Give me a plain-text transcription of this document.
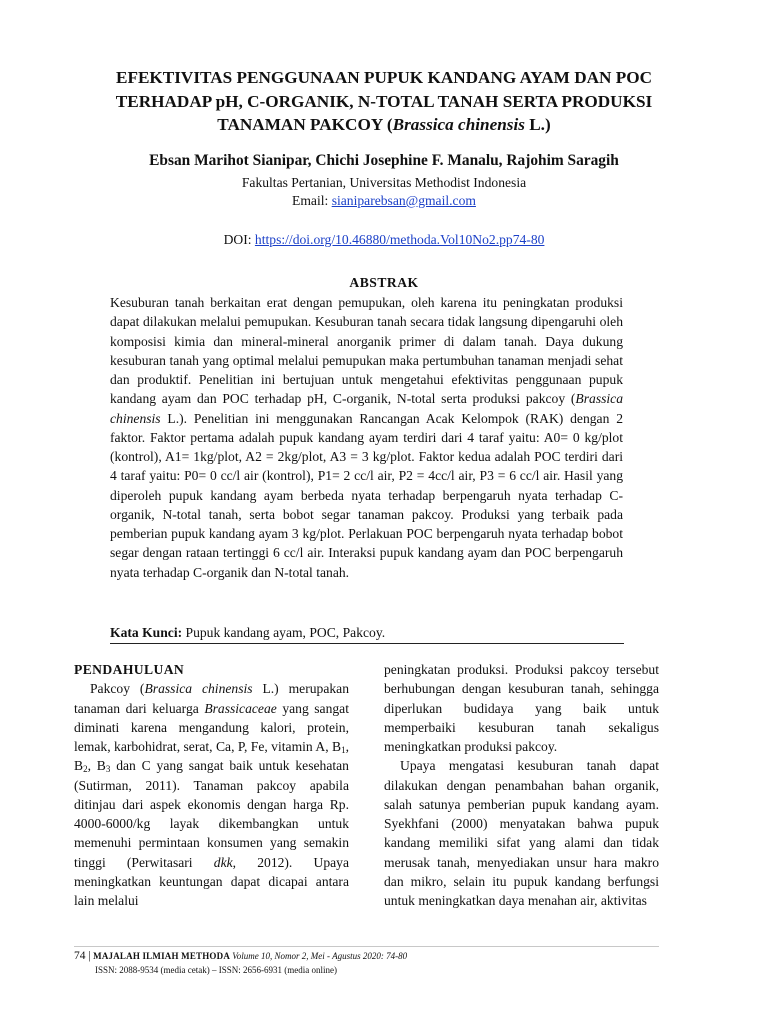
EFEKTIVITAS PENGGUNAAN PUPUK KANDANG AYAM DAN POC
TERHADAP pH, C-ORGANIK, N-TOTAL TANAH SERTA PRODUKSI
TANAMAN PAKCOY (Brassica chinensis L.)
Ebsan Marihot Sianipar, Chichi Josephine F. Manalu, Rajohim Saragih
Fakultas Pertanian, Universitas Methodist Indonesia
Email: sianiparebsan@gmail.com
DOI: https://doi.org/10.46880/methoda.Vol10No2.pp74-80
ABSTRAK
Kesuburan tanah berkaitan erat dengan pemupukan, oleh karena itu peningkatan produksi dapat dilakukan melalui pemupukan. Kesuburan tanah secara tidak langsung dipengaruhi oleh komposisi kimia dan mineral-mineral anorganik primer di dalam tanah. Daya dukung kesuburan tanah yang optimal melalui pemupukan maka pertumbuhan tanaman menjadi sehat dan produktif. Penelitian ini bertujuan untuk mengetahui efektivitas penggunaan pupuk kandang ayam dan POC terhadap pH, C-organik, N-total serta produksi pakcoy (Brassica chinensis L.). Penelitian ini menggunakan Rancangan Acak Kelompok (RAK) dengan 2 faktor. Faktor pertama adalah pupuk kandang ayam terdiri dari 4 taraf yaitu: A0= 0 kg/plot (kontrol), A1= 1kg/plot, A2 = 2kg/plot, A3 = 3 kg/plot. Faktor kedua adalah POC terdiri dari 4 taraf yaitu: P0= 0 cc/l air (kontrol), P1= 2 cc/l air, P2 = 4cc/l air, P3 = 6 cc/l air. Hasil yang diperoleh pupuk kandang ayam berbeda nyata terhadap berpengaruh nyata terhadap C-organik, N-total tanah, serta bobot segar tanaman pakcoy. Produksi yang terbaik pada pemberian pupuk kandang ayam 3 kg/plot. Perlakuan POC berpengaruh nyata terhadap bobot segar dengan rataan tertinggi 6 cc/l air. Interaksi pupuk kandang ayam dan POC berpengaruh nyata terhadap C-organik dan N-total tanah.
Kata Kunci: Pupuk kandang ayam, POC, Pakcoy.
PENDAHULUAN

Pakcoy (Brassica chinensis L.) merupakan tanaman dari keluarga Brassicaceae yang sangat diminati karena mengandung kalori, protein, lemak, karbohidrat, serat, Ca, P, Fe, vitamin A, $B_1$, $B_2$, $B_3$ dan C yang sangat baik untuk kesehatan (Sutirman, 2011). Tanaman pakcoy apabila ditinjau dari aspek ekonomis dengan harga Rp. 4000-6000/kg layak dikembangkan untuk memenuhi permintaan konsumen yang semakin tinggi (Perwitasari dkk, 2012). Upaya meningkatkan keuntungan dapat dicapai antara lain melalui

peningkatan produksi. Produksi pakcoy tersebut berhubungan dengan kesuburan tanah, sehingga diperlukan budidaya yang baik untuk memperbaiki kesuburan tanah sekaligus meningkatkan produksi pakcoy.

Upaya mengatasi kesuburan tanah dapat dilakukan dengan penambahan bahan organik, salah satunya pemberian pupuk kandang ayam. Syekhfani (2000) menyatakan bahwa pupuk kandang memiliki sifat yang alami dan tidak merusak tanah, menyediakan unsur hara makro dan mikro, selain itu pupuk kandang berfungsi untuk meningkatkan daya menahan air, aktivitas

74 | MAJALAH ILMIAH METHODA Volume 10, Nomor 2, Mei - Agustus 2020: 74-80
ISSN: 2088-9534 (media cetak) – ISSN: 2656-6931 (media online)
